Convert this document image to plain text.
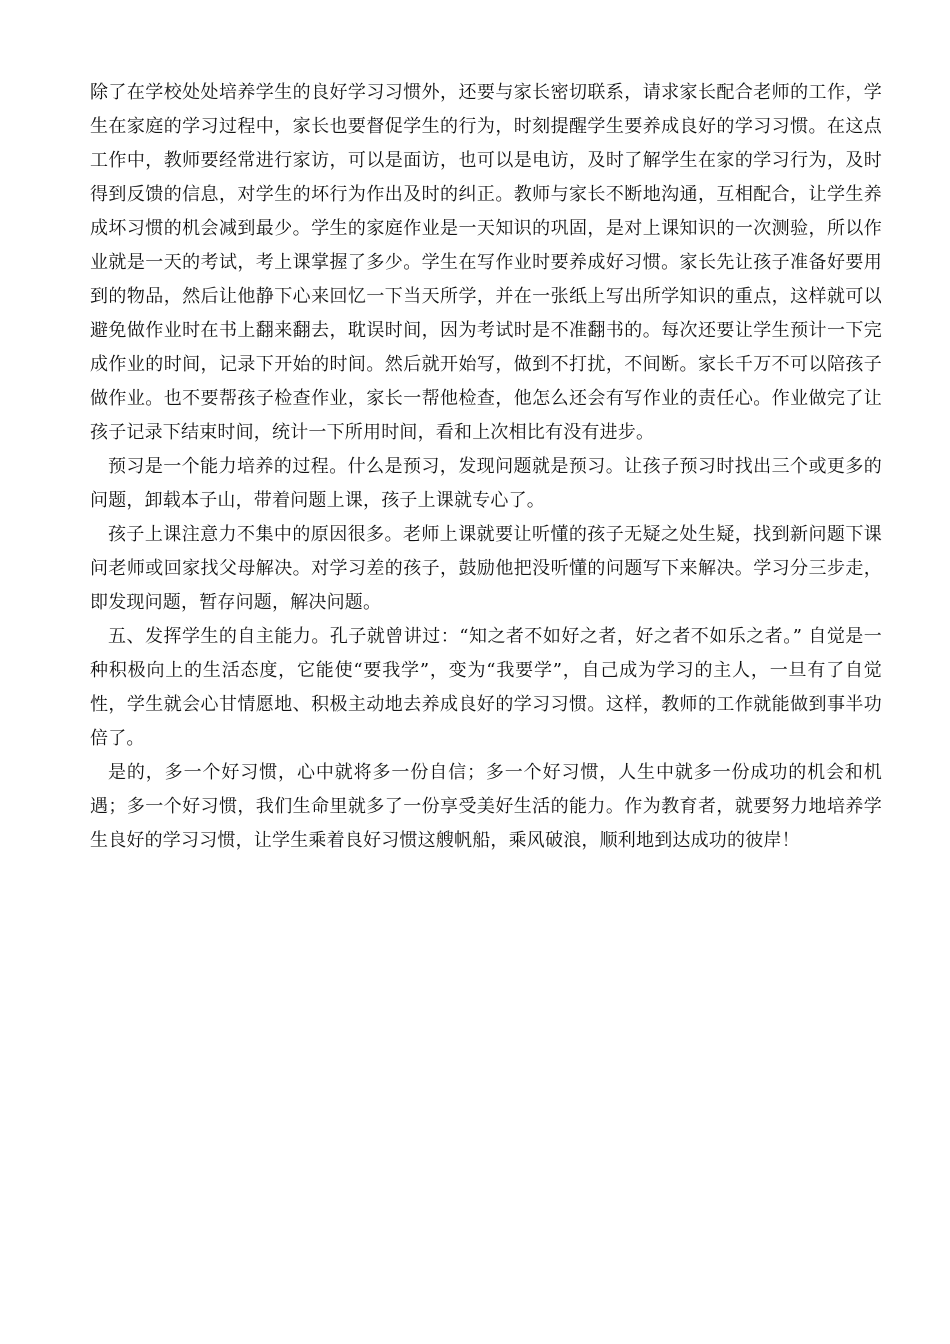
除了在学校处处培养学生的良好学习习惯外，还要与家长密切联系，请求家长配合老师的工作，学生在家庭的学习过程中，家长也要督促学生的行为，时刻提醒学生要养成良好的学习习惯。在这点工作中，教师要经常进行家访，可以是面访，也可以是电访，及时了解学生在家的学习行为，及时得到反馈的信息，对学生的坏行为作出及时的纠正。教师与家长不断地沟通，互相配合，让学生养成坏习惯的机会减到最少。学生的家庭作业是一天知识的巩固，是对上课知识的一次测验，所以作业就是一天的考试，考上课掌握了多少。学生在写作业时要养成好习惯。家长先让孩子准备好要用到的物品，然后让他静下心来回忆一下当天所学，并在一张纸上写出所学知识的重点，这样就可以避免做作业时在书上翻来翻去，耽误时间，因为考试时是不准翻书的。每次还要让学生预计一下完成作业的时间，记录下开始的时间。然后就开始写，做到不打扰，不间断。家长千万不可以陪孩子做作业。也不要帮孩子检查作业，家长一帮他检查，他怎么还会有写作业的责任心。作业做完了让孩子记录下结束时间，统计一下所用时间，看和上次相比有没有进步。

预习是一个能力培养的过程。什么是预习，发现问题就是预习。让孩子预习时找出三个或更多的问题，卸载本子山，带着问题上课，孩子上课就专心了。

孩子上课注意力不集中的原因很多。老师上课就要让听懂的孩子无疑之处生疑，找到新问题下课问老师或回家找父母解决。对学习差的孩子，鼓励他把没听懂的问题写下来解决。学习分三步走，即发现问题，暂存问题，解决问题。

五、发挥学生的自主能力。孔子就曾讲过：“知之者不如好之者，好之者不如乐之者。” 自觉是一种积极向上的生活态度，它能使“要我学”，变为“我要学”，自己成为学习的主人，一旦有了自觉性，学生就会心甘情愿地、积极主动地去养成良好的学习习惯。这样，教师的工作就能做到事半功倍了。

是的，多一个好习惯，心中就将多一份自信；多一个好习惯，人生中就多一份成功的机会和机遇；多一个好习惯，我们生命里就多了一份享受美好生活的能力。作为教育者，就要努力地培养学生良好的学习习惯，让学生乘着良好习惯这艘帆船，乘风破浪，顺利地到达成功的彼岸！
